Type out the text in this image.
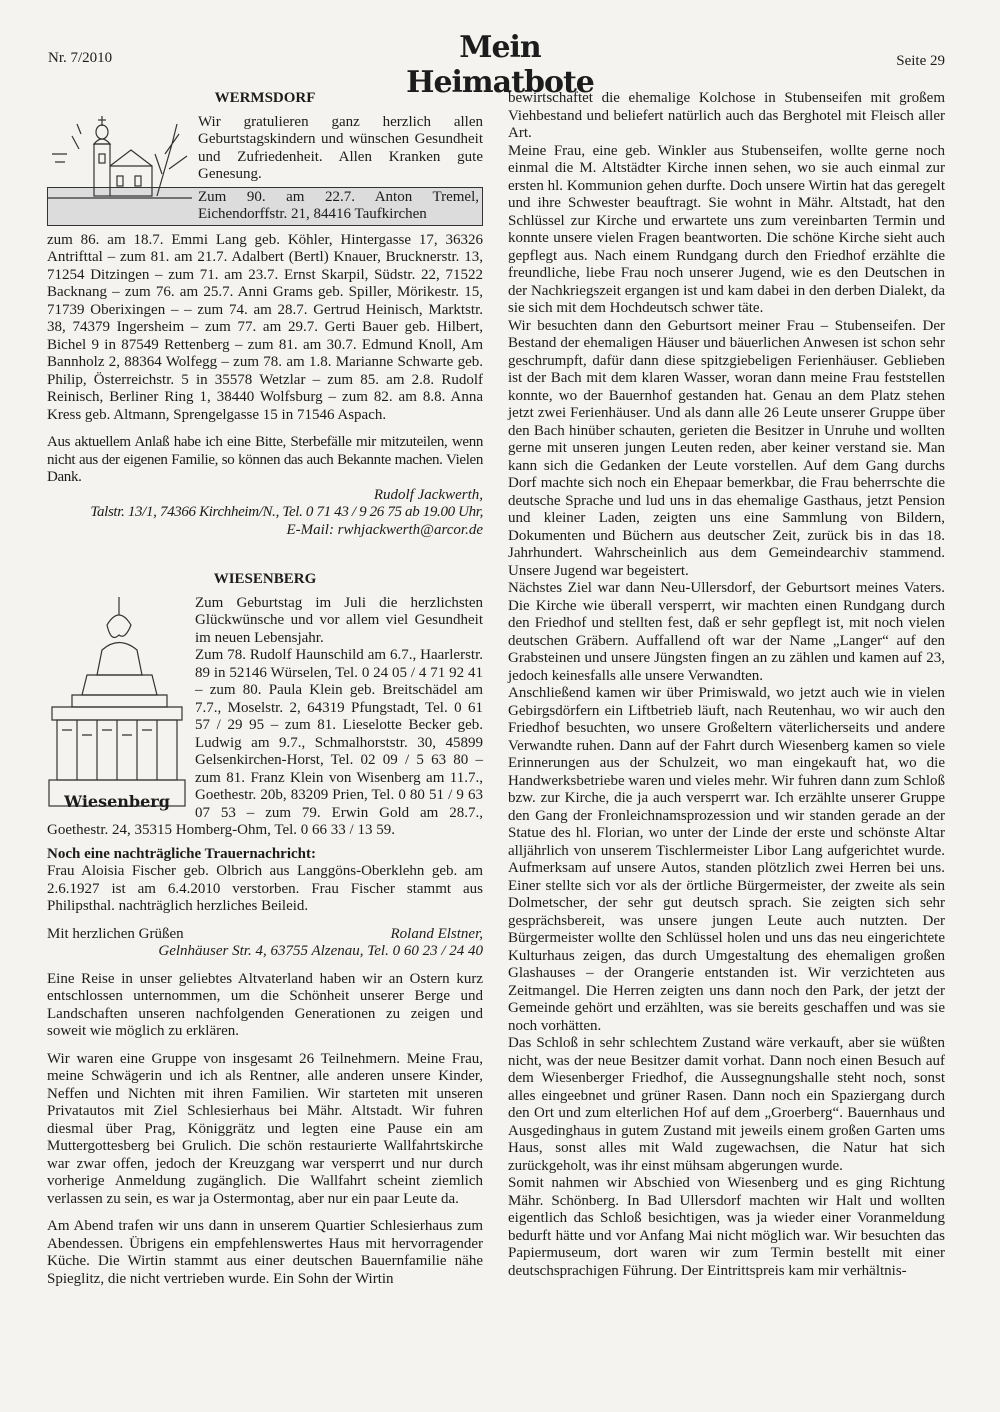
Nr. 7/2010	Mein Heimatbote
Seite 29
WERMSDORF

Wir gratulieren ganz herzlich allen Geburtstagskindern und wünschen Gesundheit und Zufriedenheit. Allen Kranken gute Genesung.

Zum 90. am 22.7. Anton Tremel, Eichendorffstr. 21, 84416 Taufkirchen

zum 86. am 18.7. Emmi Lang geb. Köhler, Hintergasse 17, 36326 Antrifttal – zum 81. am 21.7. Adalbert (Bertl) Knauer, Brucknerstr. 13, 71254 Ditzingen – zum 71. am 23.7. Ernst Skarpil, Südstr. 22, 71522 Backnang – zum 76. am 25.7. Anni Grams geb. Spiller, Mörikestr. 15, 71739 Oberixingen – – zum 74. am 28.7. Gertrud Heinisch, Marktstr. 38, 74379 Ingersheim – zum 77. am 29.7. Gerti Bauer geb. Hilbert, Bichel 9 in 87549 Rettenberg – zum 81. am 30.7. Edmund Knoll, Am Bannholz 2, 88364 Wolfegg – zum 78. am 1.8. Marianne Schwarte geb. Philip, Österreichstr. 5 in 35578 Wetzlar – zum 85. am 2.8. Rudolf Reinisch, Berliner Ring 1, 38440 Wolfsburg – zum 82. am 8.8. Anna Kress geb. Altmann, Sprengelgasse 15 in 71546 Aspach.

Aus aktuellem Anlaß habe ich eine Bitte, Sterbefälle mir mitzuteilen, wenn nicht aus der eigenen Familie, so können das auch Bekannte machen. Vielen Dank.

Rudolf Jackwerth,
Talstr. 13/1, 74366 Kirchheim/N., Tel. 0 71 43 / 9 26 75 ab 19.00 Uhr,
E-Mail: rwhjackwerth@arcor.de
WIESENBERG
Wiesenberg

Zum Geburtstag im Juli die herzlichsten Glückwünsche und vor allem viel Gesundheit im neuen Lebensjahr.

Zum 78. Rudolf Haunschild am 6.7., Haarlerstr. 89 in 52146 Würselen, Tel. 0 24 05 / 4 71 92 41 – zum 80. Paula Klein geb. Breitschädel am 7.7., Moselstr. 2, 64319 Pfungstadt, Tel. 0 61 57 / 29 95 – zum 81. Lieselotte Becker geb. Ludwig am 9.7., Schmalhorststr. 30, 45899 Gelsenkirchen-Horst, Tel. 02 09 / 5 63 80 – zum 81. Franz Klein von Wisenberg am 11.7., Goethestr. 20b, 83209 Prien, Tel. 0 80 51 / 9 63 07 53 – zum 79. Erwin Gold am 28.7., Goethestr. 24, 35315 Homberg-Ohm, Tel. 0 66 33 / 13 59.

Noch eine nachträgliche Trauernachricht:

Frau Aloisia Fischer geb. Olbrich aus Langgöns-Oberklehn geb. am 2.6.1927 ist am 6.4.2010 verstorben. Frau Fischer stammt aus Philipsthal. nachträglich herzliches Beileid.

Mit herzlichen Grüßen	Roland Elstner,
Gelnhäuser Str. 4, 63755 Alzenau, Tel. 0 60 23 / 24 40

Eine Reise in unser geliebtes Altvaterland haben wir an Ostern kurz entschlossen unternommen, um die Schönheit unserer Berge und Landschaften unseren nachfolgenden Generationen zu zeigen und soweit wie möglich zu erklären.

Wir waren eine Gruppe von insgesamt 26 Teilnehmern. Meine Frau, meine Schwägerin und ich als Rentner, alle anderen unsere Kinder, Neffen und Nichten mit ihren Familien. Wir starteten mit unseren Privatautos mit Ziel Schlesierhaus bei Mähr. Altstadt. Wir fuhren diesmal über Prag, Königgrätz und legten eine Pause ein am Muttergottesberg bei Grulich. Die schön restaurierte Wallfahrtskirche war zwar offen, jedoch der Kreuzgang war versperrt und nur durch vorherige Anmeldung zugänglich. Die Wallfahrt scheint ziemlich verlassen zu sein, es war ja Ostermontag, aber nur ein paar Leute da.

Am Abend trafen wir uns dann in unserem Quartier Schlesierhaus zum Abendessen. Übrigens ein empfehlenswertes Haus mit hervorragender Küche. Die Wirtin stammt aus einer deutschen Bauernfamilie nähe Spieglitz, die nicht vertrieben wurde. Ein Sohn der Wirtin

bewirtschaftet die ehemalige Kolchose in Stubenseifen mit großem Viehbestand und beliefert natürlich auch das Berghotel mit Fleisch aller Art.

Meine Frau, eine geb. Winkler aus Stubenseifen, wollte gerne noch einmal die M. Altstädter Kirche innen sehen, wo sie auch einmal zur ersten hl. Kommunion gehen durfte. Doch unsere Wirtin hat das geregelt und ihre Schwester beauftragt. Sie wohnt in Mähr. Altstadt, hat den Schlüssel zur Kirche und erwartete uns zum vereinbarten Termin und konnte unsere vielen Fragen beantworten. Die schöne Kirche sieht auch gepflegt aus. Nach einem Rundgang durch den Friedhof erzählte die freundliche, liebe Frau noch unserer Jugend, wie es den Deutschen in der Nachkriegszeit ergangen ist und kam dabei in den derben Dialekt, da sie sich mit dem Hochdeutsch schwer täte.

Wir besuchten dann den Geburtsort meiner Frau – Stubenseifen. Der Bestand der ehemaligen Häuser und bäuerlichen Anwesen ist schon sehr geschrumpft, dafür dann diese spitzgiebeligen Ferienhäuser. Geblieben ist der Bach mit dem klaren Wasser, woran dann meine Frau feststellen konnte, wo der Bauernhof gestanden hat. Genau an dem Platz stehen jetzt zwei Ferienhäuser. Und als dann alle 26 Leute unserer Gruppe über den Bach hinüber schauten, gerieten die Besitzer in Unruhe und wollten gerne mit unseren jungen Leuten reden, aber keiner verstand sie. Man kann sich die Gedanken der Leute vorstellen. Auf dem Gang durchs Dorf machte sich noch ein Ehepaar bemerkbar, die Frau beherrschte die deutsche Sprache und lud uns in das ehemalige Gasthaus, jetzt Pension und kleiner Laden, zeigten uns eine Sammlung von Bildern, Dokumenten und Büchern aus deutscher Zeit, zurück bis in das 18. Jahrhundert. Wahrscheinlich aus dem Gemeindearchiv stammend. Unsere Jugend war begeistert.

Nächstes Ziel war dann Neu-Ullersdorf, der Geburtsort meines Vaters. Die Kirche wie überall versperrt, wir machten einen Rundgang durch den Friedhof und stellten fest, daß er sehr gepflegt ist, mit noch vielen deutschen Gräbern. Auffallend oft war der Name „Langer“ auf den Grabsteinen und unsere Jüngsten fingen an zu zählen und kamen auf 23, jedoch keinesfalls alle unsere Verwandten.

Anschließend kamen wir über Primiswald, wo jetzt auch wie in vielen Gebirgsdörfern ein Liftbetrieb läuft, nach Reutenhau, wo wir auch den Friedhof besuchten, wo unsere Großeltern väterlicherseits und andere Verwandte ruhen. Dann auf der Fahrt durch Wiesenberg kamen so viele Erinnerungen aus der Schulzeit, wo man eingekauft hat, wo die Handwerksbetriebe waren und vieles mehr. Wir fuhren dann zum Schloß bzw. zur Kirche, die ja auch versperrt war. Ich erzählte unserer Gruppe den Gang der Fronleichnamsprozession und wir standen gerade an der Statue des hl. Florian, wo unter der Linde der erste und schönste Altar alljährlich von unserem Tischlermeister Libor Lang aufgerichtet wurde. Aufmerksam auf unsere Autos, standen plötzlich zwei Herren bei uns. Einer stellte sich vor als der örtliche Bürgermeister, der zweite als sein Dolmetscher, der sehr gut deutsch sprach. Sie zeigten sich sehr gesprächsbereit, was unsere jungen Leute auch nutzten. Der Bürgermeister wollte den Schlüssel holen und uns das neu eingerichtete Kulturhaus zeigen, das durch Umgestaltung des ehemaligen großen Glashauses – der Orangerie entstanden ist. Wir verzichteten aus Zeitmangel. Die Herren zeigten uns dann noch den Park, der jetzt der Gemeinde gehört und erzählten, was sie bereits geschaffen und was sie noch vorhätten.

Das Schloß in sehr schlechtem Zustand wäre verkauft, aber sie wüßten nicht, was der neue Besitzer damit vorhat. Dann noch einen Besuch auf dem Wiesenberger Friedhof, die Aussegnungshalle steht noch, sonst alles eingeebnet und grüner Rasen. Dann noch ein Spaziergang durch den Ort und zum elterlichen Hof auf dem „Groerberg“. Bauernhaus und Ausgedinghaus in gutem Zustand mit jeweils einem großen Garten ums Haus, sonst alles mit Wald zugewachsen, die Natur hat sich zurückgeholt, was ihr einst mühsam abgerungen wurde.

Somit nahmen wir Abschied von Wiesenberg und es ging Richtung Mähr. Schönberg. In Bad Ullersdorf machten wir Halt und wollten eigentlich das Schloß besichtigen, was ja wieder einer Voranmeldung bedurft hätte und vor Anfang Mai nicht möglich war. Wir besuchten das Papiermuseum, dort waren wir zum Termin bestellt mit einer deutschsprachigen Führung. Der Eintrittspreis kam mir verhältnis-
